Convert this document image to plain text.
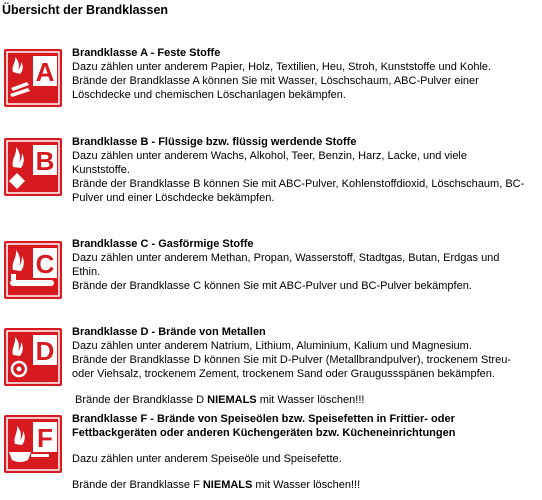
Übersicht der Brandklassen
A

Brandklasse A - Feste Stoffe

Dazu zählen unter anderem Papier, Holz, Textilien, Heu, Stroh, Kunststoffe und Kohle.

Brände der Brandklasse A können Sie mit Wasser, Löschschaum, ABC-Pulver einer

Löschdecke und chemischen Löschanlagen bekämpfen.

B

Brandklasse B - Flüssige bzw. flüssig werdende Stoffe

Dazu zählen unter anderem Wachs, Alkohol, Teer, Benzin, Harz, Lacke, und viele

Kunststoffe.

Brände der Brandklasse B können Sie mit ABC-Pulver, Kohlenstoffdioxid, Löschschaum, BC-

Pulver und einer Löschdecke bekämpfen.

C

Brandklasse C - Gasförmige Stoffe

Dazu zählen unter anderem Methan, Propan, Wasserstoff, Stadtgas, Butan, Erdgas und

Ethin.

Brände der Brandklasse C können Sie mit ABC-Pulver und BC-Pulver bekämpfen.

D

Brandklasse D - Brände von Metallen

Dazu zählen unter anderem Natrium, Lithium, Aluminium, Kalium und Magnesium.

Brände der Brandklasse D können Sie mit D-Pulver (Metallbrandpulver), trockenem Streu-

oder Viehsalz, trockenem Zement, trockenem Sand oder Graugussspänen bekämpfen.

Brände der Brandklasse D NIEMALS mit Wasser löschen!!!

F

Brandklasse F - Brände von Speiseölen bzw. Speisefetten in Frittier- oder Fettbackgeräten oder anderen Küchengeräten bzw. Kücheneinrichtungen

Dazu zählen unter anderem Speiseöle und Speisefette.

Brände der Brandklasse F NIEMALS mit Wasser löschen!!!
